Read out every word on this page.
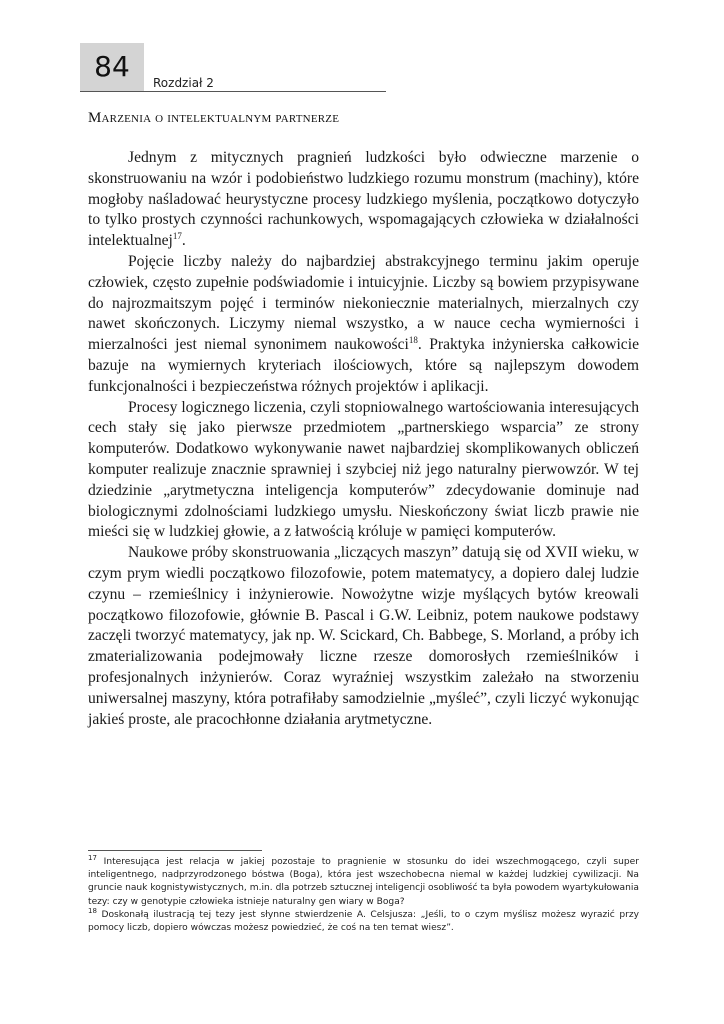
84	Rozdział 2
Marzenia o intelektualnym partnerze

Jednym z mitycznych pragnień ludzkości było odwieczne marzenie o skonstruowaniu na wzór i podobieństwo ludzkiego rozumu monstrum (machiny), które mogłoby naśladować heurystyczne procesy ludzkiego myślenia, początkowo dotyczyło to tylko prostych czynności rachunkowych, wspomagających człowieka w działalności intelektualnej$^{17}$.

Pojęcie liczby należy do najbardziej abstrakcyjnego terminu jakim operuje człowiek, często zupełnie podświadomie i intuicyjnie. Liczby są bowiem przypisywane do najrozmaitszym pojęć i terminów niekoniecznie materialnych, mierzalnych czy nawet skończonych. Liczymy niemal wszystko, a w nauce cecha wymierności i mierzalności jest niemal synonimem naukowości$^{18}$. Praktyka inżynierska całkowicie bazuje na wymiernych kryteriach ilościowych, które są najlepszym dowodem funkcjonalności i bezpieczeństwa różnych projektów i aplikacji.

Procesy logicznego liczenia, czyli stopniowalnego wartościowania interesujących cech stały się jako pierwsze przedmiotem „partnerskiego wsparcia” ze strony komputerów. Dodatkowo wykonywanie nawet najbardziej skomplikowanych obliczeń komputer realizuje znacznie sprawniej i szybciej niż jego naturalny pierwowzór. W tej dziedzinie „arytmetyczna inteligencja komputerów” zdecydowanie dominuje nad biologicznymi zdolnościami ludzkiego umysłu. Nieskończony świat liczb prawie nie mieści się w ludzkiej głowie, a z łatwością króluje w pamięci komputerów.

Naukowe próby skonstruowania „liczących maszyn” datują się od XVII wieku, w czym prym wiedli początkowo filozofowie, potem matematycy, a dopiero dalej ludzie czynu – rzemieślnicy i inżynierowie. Nowożytne wizje myślących bytów kreowali początkowo filozofowie, głównie B. Pascal i G.W. Leibniz, potem naukowe podstawy zaczęli tworzyć matematycy, jak np. W. Scickard, Ch. Babbege, S. Morland, a próby ich zmaterializowania podejmowały liczne rzesze domorosłych rzemieślników i profesjonalnych inżynierów. Coraz wyraźniej wszystkim zależało na stworzeniu uniwersalnej maszyny, która potrafiłaby samodzielnie „myśleć”, czyli liczyć wykonując jakieś proste, ale pracochłonne działania arytmetyczne.

$^{17}$ Interesująca jest relacja w jakiej pozostaje to pragnienie w stosunku do idei wszechmogącego, czyli super inteligentnego, nadprzyrodzonego bóstwa (Boga), która jest wszechobecna niemal w każdej ludzkiej cywilizacji. Na gruncie nauk kognistywistycznych, m.in. dla potrzeb sztucznej inteligencji osobliwość ta była powodem wyartykułowania tezy: czy w genotypie człowieka istnieje naturalny gen wiary w Boga?

$^{18}$ Doskonałą ilustracją tej tezy jest słynne stwierdzenie A. Celsjusza: „Jeśli, to o czym myślisz możesz wyrazić przy pomocy liczb, dopiero wówczas możesz powiedzieć, że coś na ten temat wiesz”.
